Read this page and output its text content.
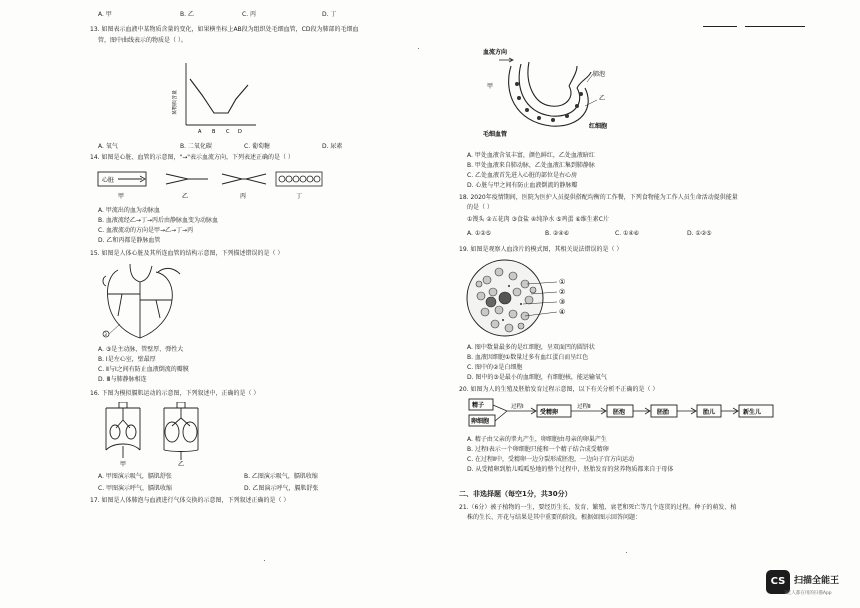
A. 甲	B. 乙	C. 丙	D. 丁
13. 如图表示血液中某物质含量的变化，如果横坐标上AB段为组织处毛细血管，CD段为肺部的毛细血
管，图中曲线表示的物质是（ ）。
某物质含量
A B C D
A. 氧气	B. 二氧化碳	C. 葡萄糖	D. 尿素
14. 如图是心脏、血管的示意图，"→"表示血流方向，下列表述正确的是（ ）
心脏
甲	乙	丙	丁
A. 甲流出的血为动脉血
B. 血液流经乙→丁→丙后由静脉血变为动脉血
C. 血液流动的方向是甲→乙→丁→丙
D. 乙和丙都是静脉血管
15. 如图是人体心脏及其所连血管的结构示意图，下列描述错误的是（ ）
3
A. ③是主动脉，管壁厚、弹性大
B. Ⅰ是左心室，壁最厚
C. Ⅱ与Ⅰ之间有防止血液倒流的瓣膜
D. Ⅲ与肺静脉相连
16. 下图为模拟膈肌运动的示意图，下列叙述中，正确的是（ ）
甲	乙
A. 甲图演示吸气，膈肌舒张	B. 乙图演示吸气，膈肌收缩
C. 甲图演示呼气，膈肌收缩	D. 乙图演示呼气，膈肌舒张
17. 如图是人体肺泡与血液进行气体交换的示意图，下列叙述正确的是（ ）
血流方向
甲
肺泡
乙
毛细血管
红细胞
A. 甲处血液含氧丰富，颜色鲜红，乙处血液暗红
B. 甲处血液来自肺动脉，乙处血液汇集到肺静脉
C. 乙处血液首先进入心脏的部位是右心房
D. 心脏与甲之间有防止血液倒流的静脉瓣
18. 2020年疫情期间，医院为医护人员提供搭配均衡的工作餐，下列食物能为工作人员生命活动提供能量
的是（ ）
①馒头 ②五花肉 ③食盐 ④纯净水 ⑤鸡蛋 ⑥维生素C片
A. ①②⑤	B. ②④⑥	C. ①④⑥	D. ①②⑤
19. 如图是观察人血涂片的模式图，其相关说法错误的是（ ）
①
②
③
④
A. 图中数量最多的是红细胞，呈双面凹的圆饼状
B. 血液因细胞①数量过多有血红蛋白而呈红色
C. 图中的②是白细胞
D. 图中的③是最小的血细胞，有细胞核，能运输氧气
20. 如图为人的生殖及胚胎发育过程示意图，以下有关分析不正确的是（ ）
精子
卵细胞
受精卵	胚泡	胚胎	胎儿	新生儿
过程Ⅰ	过程Ⅱ
A. 精子由父亲的睾丸产生，卵细胞由母亲的卵巢产生
B. 过程Ⅰ表示一个卵细胞只能和一个精子结合成受精卵
C. 在过程Ⅱ中，受精卵一边分裂形成胚泡，一边向子宫方向运动
D. 从受精卵到胎儿呱呱坠地的整个过程中，胚胎发育的营养物质都来自于母体
二、非选择题（每空1分，共30分）
21.（6分）被子植物的一生，要经历生长、发育、繁殖、衰老和死亡等几个连贯的过程。种子的萌发、植
株的生长、开花与结果是其中重要的阶段。根据如图示回答问题：
CS 扫描全能王
3亿人都在用的扫描App
